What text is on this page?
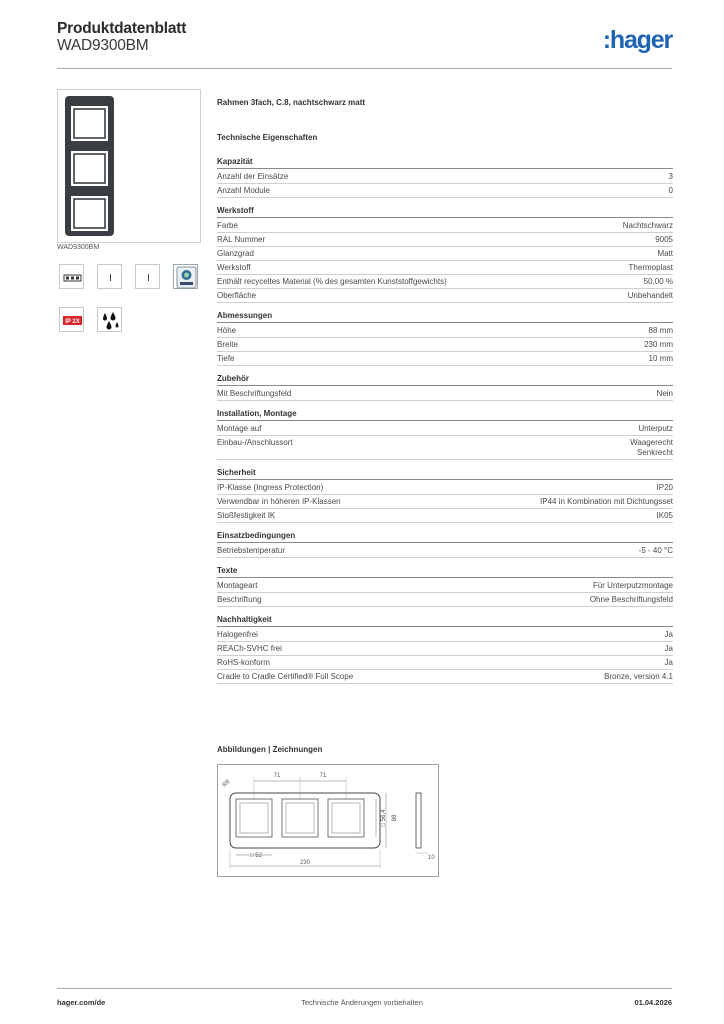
Produktdatenblatt
WAD9300BM	:hager
WAD9300BM
IP 2X
Rahmen 3fach, C.8, nachtschwarz matt
Technische Eigenschaften
Kapazität
Anzahl der Einsätze	3
Anzahl Module	0
Werkstoff
Farbe	Nachtschwarz
RAL Nummer	9005
Glanzgrad	Matt
Werkstoff	Thermoplast
Enthält recyceltes Material (% des gesamten Kunststoffgewichts)	50,00 %
Oberfläche	Unbehandelt
Abmessungen
Höhe	88 mm
Breite	230 mm
Tiefe	10 mm
Zubehör
Mit Beschriftungsfeld	Nein
Installation, Montage
Montage auf	Unterputz
Einbau-/Anschlussort	Waagerecht
Senkrecht
Sicherheit
IP-Klasse (Ingress Protection)	IP20
Verwendbar in höheren IP-Klassen	IP44 in Kombination mit Dichtungsset
Stoßfestigkeit IK	IK05
Einsatzbedingungen
Betriebstemperatur	-5 - 40 °C
Texte
Montageart	Für Unterputzmontage
Beschriftung	Ohne Beschriftungsfeld
Nachhaltigkeit
Halogenfrei	Ja
REACh-SVHC frei	Ja
RoHS-konform	Ja
Cradle to Cradle Certified® Full Scope	Bronze, version 4.1
Abbildungen | Zeichnungen
71	71
R8
□ 52
230
□ 56,4 88
10
hager.com/de	Technische Änderungen vorbehalten	01.04.2026
